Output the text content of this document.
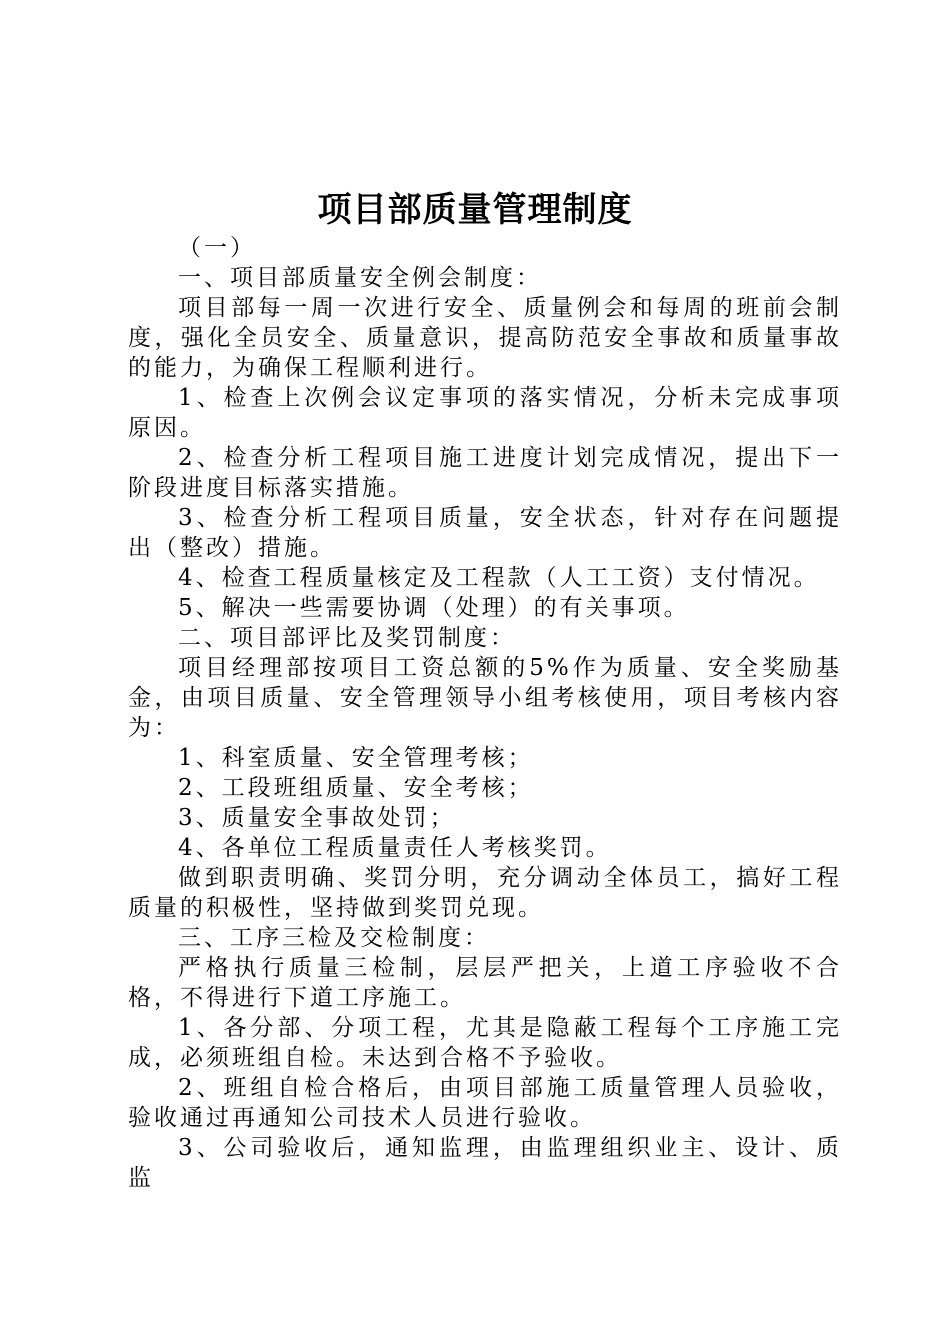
项目部质量管理制度

（一）

一、项目部质量安全例会制度：

项目部每一周一次进行安全、质量例会和每周的班前会制度，强化全员安全、质量意识，提高防范安全事故和质量事故的能力，为确保工程顺利进行。

1、检查上次例会议定事项的落实情况，分析未完成事项原因。

2、检查分析工程项目施工进度计划完成情况，提出下一阶段进度目标落实措施。

3、检查分析工程项目质量，安全状态，针对存在问题提出（整改）措施。

4、检查工程质量核定及工程款（人工工资）支付情况。

5、解决一些需要协调（处理）的有关事项。

二、项目部评比及奖罚制度：

项目经理部按项目工资总额的5%作为质量、安全奖励基金，由项目质量、安全管理领导小组考核使用，项目考核内容为：

1、科室质量、安全管理考核；

2、工段班组质量、安全考核；

3、质量安全事故处罚；

4、各单位工程质量责任人考核奖罚。

做到职责明确、奖罚分明，充分调动全体员工，搞好工程质量的积极性，坚持做到奖罚兑现。

三、工序三检及交检制度：

严格执行质量三检制，层层严把关，上道工序验收不合格，不得进行下道工序施工。

1、各分部、分项工程，尤其是隐蔽工程每个工序施工完成，必须班组自检。未达到合格不予验收。

2、班组自检合格后，由项目部施工质量管理人员验收，验收通过再通知公司技术人员进行验收。

3、公司验收后，通知监理，由监理组织业主、设计、质监
